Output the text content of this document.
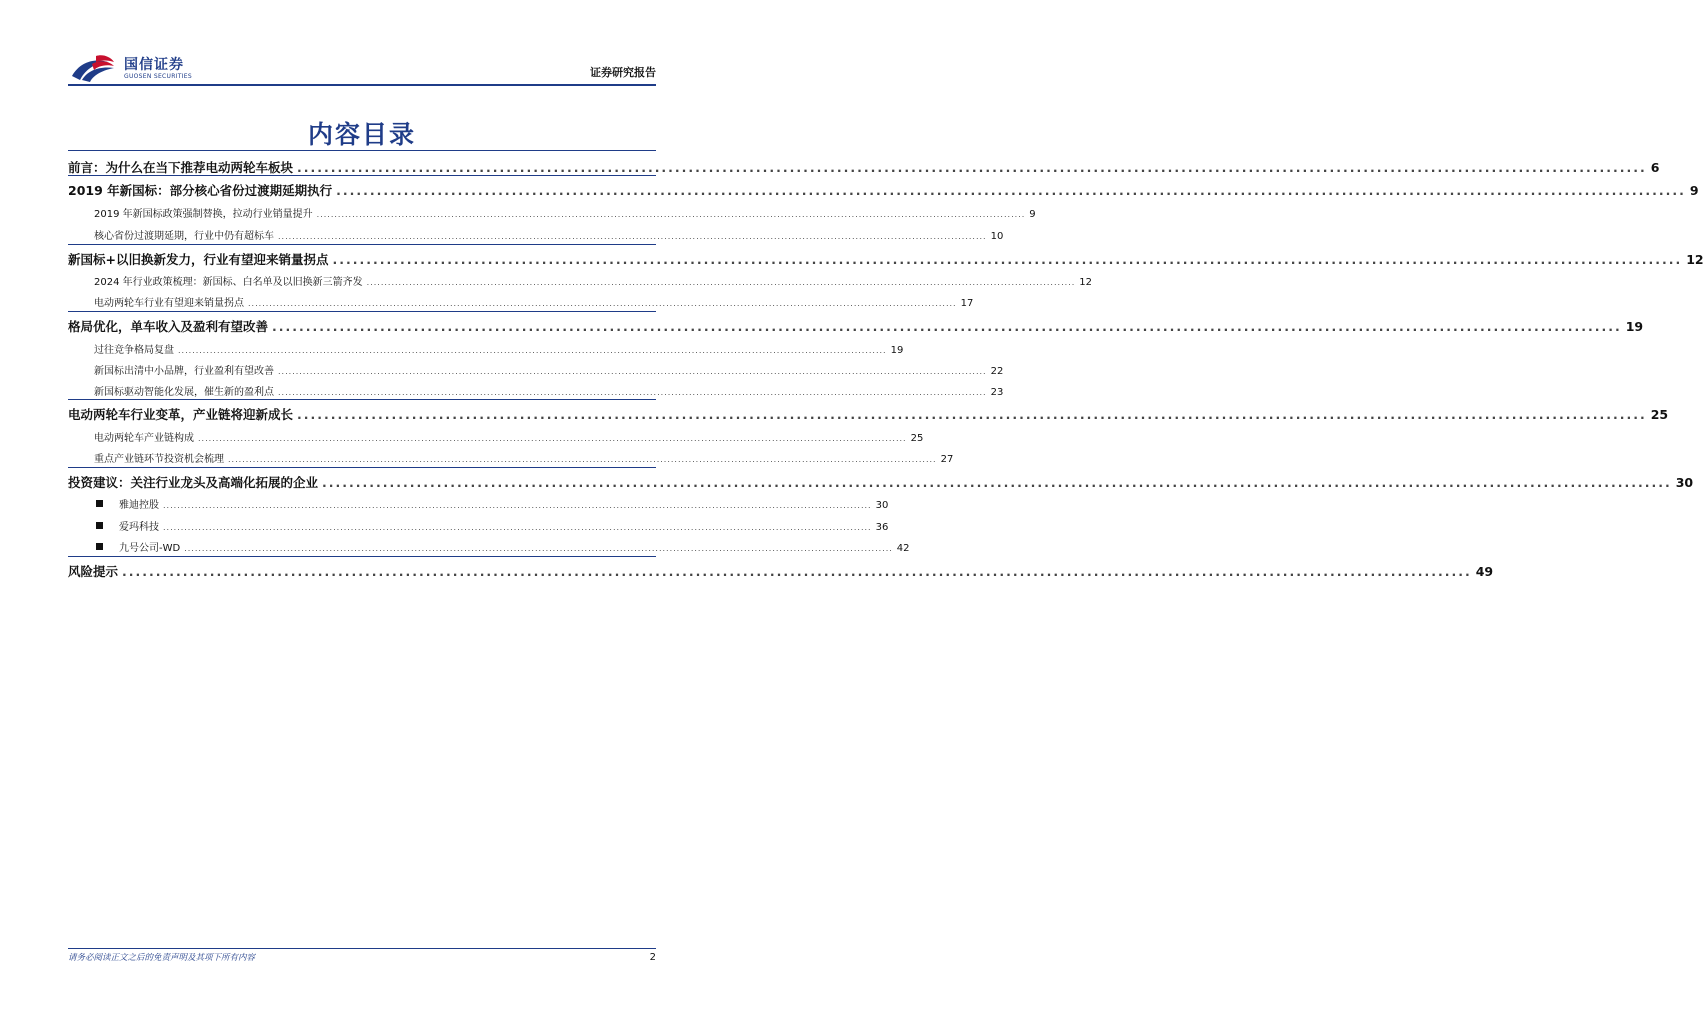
国信证券
GUOSEN SECURITIES	证券研究报告
内容目录
前言：为什么在当下推荐电动两轮车板块 ........................................................................................................................................................................................................ 6
2019 年新国标：部分核心省份过渡期延期执行 ........................................................................................................................................................................................................ 9
2019 年新国标政策强制替换，拉动行业销量提升 ........................................................................................................................................................................................................ 9
核心省份过渡期延期，行业中仍有超标车 ........................................................................................................................................................................................................ 10
新国标+以旧换新发力，行业有望迎来销量拐点 ........................................................................................................................................................................................................ 12
2024 年行业政策梳理：新国标、白名单及以旧换新三箭齐发 ........................................................................................................................................................................................................ 12
电动两轮车行业有望迎来销量拐点 ........................................................................................................................................................................................................ 17
格局优化，单车收入及盈利有望改善 ........................................................................................................................................................................................................ 19
过往竞争格局复盘 ........................................................................................................................................................................................................ 19
新国标出清中小品牌，行业盈利有望改善 ........................................................................................................................................................................................................ 22
新国标驱动智能化发展，催生新的盈利点 ........................................................................................................................................................................................................ 23
电动两轮车行业变革，产业链将迎新成长 ........................................................................................................................................................................................................ 25
电动两轮车产业链构成 ........................................................................................................................................................................................................ 25
重点产业链环节投资机会梳理 ........................................................................................................................................................................................................ 27
投资建议：关注行业龙头及高端化拓展的企业 ........................................................................................................................................................................................................ 30
雅迪控股 ........................................................................................................................................................................................................ 30
爱玛科技 ........................................................................................................................................................................................................ 36
九号公司-WD ........................................................................................................................................................................................................ 42
风险提示 ........................................................................................................................................................................................................ 49
请务必阅读正文之后的免责声明及其项下所有内容	2
